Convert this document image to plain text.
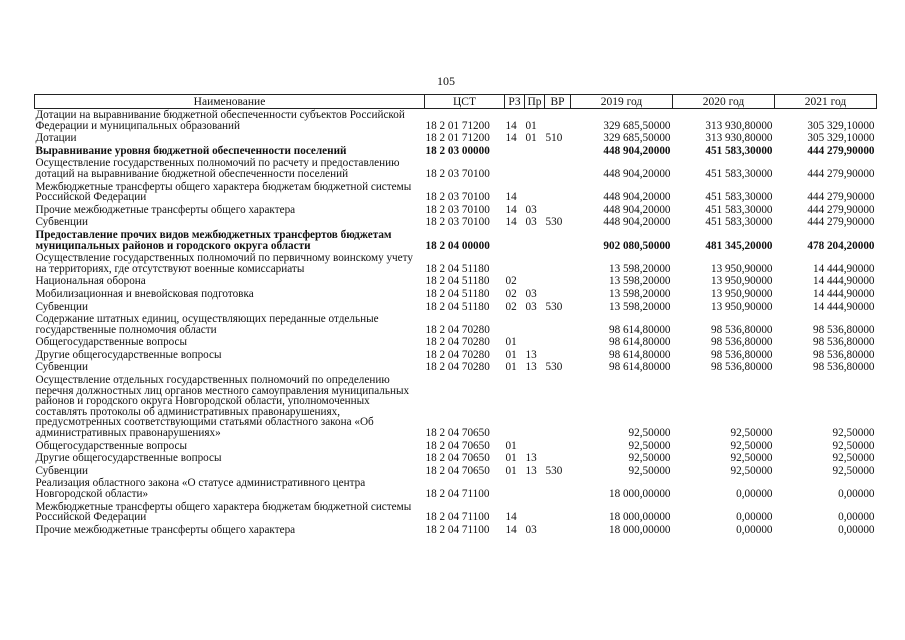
105
Наименование	ЦСТ	РЗ	Пр	ВР	2019 год	2020 год	2021 год
Дотации на выравнивание бюджетной обеспеченности субъектов Российской Федерации и муниципальных образований	18 2 01 71200	14	01		329 685,50000	313 930,80000	305 329,10000
Дотации	18 2 01 71200	14	01	510	329 685,50000	313 930,80000	305 329,10000
Выравнивание уровня бюджетной обеспеченности поселений	18 2 03 00000				448 904,20000	451 583,30000	444 279,90000
Осуществление государственных полномочий по расчету и предоставлению дотаций на выравнивание бюджетной обеспеченности поселений	18 2 03 70100				448 904,20000	451 583,30000	444 279,90000
Межбюджетные трансферты общего характера бюджетам бюджетной системы Российской Федерации	18 2 03 70100	14			448 904,20000	451 583,30000	444 279,90000
Прочие межбюджетные трансферты общего характера	18 2 03 70100	14	03		448 904,20000	451 583,30000	444 279,90000
Субвенции	18 2 03 70100	14	03	530	448 904,20000	451 583,30000	444 279,90000
Предоставление прочих видов межбюджетных трансфертов бюджетам муниципальных районов и городского округа области	18 2 04 00000				902 080,50000	481 345,20000	478 204,20000
Осуществление государственных полномочий по первичному воинскому учету на территориях, где отсутствуют военные комиссариаты	18 2 04 51180				13 598,20000	13 950,90000	14 444,90000
Национальная оборона	18 2 04 51180	02			13 598,20000	13 950,90000	14 444,90000
Мобилизационная и вневойсковая подготовка	18 2 04 51180	02	03		13 598,20000	13 950,90000	14 444,90000
Субвенции	18 2 04 51180	02	03	530	13 598,20000	13 950,90000	14 444,90000
Содержание штатных единиц, осуществляющих переданные отдельные государственные полномочия области	18 2 04 70280				98 614,80000	98 536,80000	98 536,80000
Общегосударственные вопросы	18 2 04 70280	01			98 614,80000	98 536,80000	98 536,80000
Другие общегосударственные вопросы	18 2 04 70280	01	13		98 614,80000	98 536,80000	98 536,80000
Субвенции	18 2 04 70280	01	13	530	98 614,80000	98 536,80000	98 536,80000
Осуществление отдельных государственных полномочий по определению перечня должностных лиц органов местного самоуправления муниципальных районов и городского округа Новгородской области, уполномоченных составлять протоколы об административных правонарушениях, предусмотренных соответствующими статьями областного закона «Об административных правонарушениях»	18 2 04 70650				92,50000	92,50000	92,50000
Общегосударственные вопросы	18 2 04 70650	01			92,50000	92,50000	92,50000
Другие общегосударственные вопросы	18 2 04 70650	01	13		92,50000	92,50000	92,50000
Субвенции	18 2 04 70650	01	13	530	92,50000	92,50000	92,50000
Реализация областного закона «О статусе административного центра Новгородской области»	18 2 04 71100				18 000,00000	0,00000	0,00000
Межбюджетные трансферты общего характера бюджетам бюджетной системы Российской Федерации	18 2 04 71100	14			18 000,00000	0,00000	0,00000
Прочие межбюджетные трансферты общего характера	18 2 04 71100	14	03		18 000,00000	0,00000	0,00000
